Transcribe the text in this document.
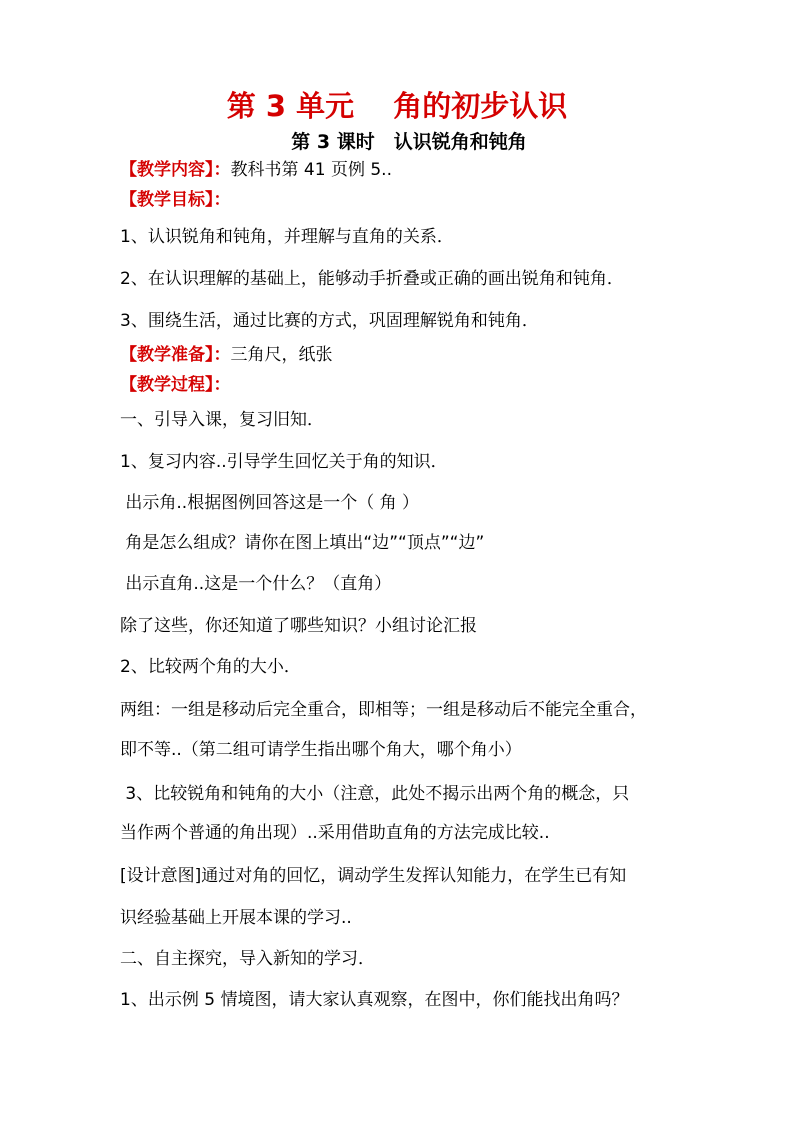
第 3 单元　 角的初步认识
第 3 课时　认识锐角和钝角

【教学内容】：教科书第 41 页例 5..

【教学目标】：

1、认识锐角和钝角，并理解与直角的关系．

2、在认识理解的基础上，能够动手折叠或正确的画出锐角和钝角．

3、围绕生活，通过比赛的方式，巩固理解锐角和钝角．

【教学准备】：三角尺，纸张

【教学过程】：

一、引导入课，复习旧知．

1、复习内容..引导学生回忆关于角的知识．

出示角..根据图例回答这是一个（ 角 ）

角是怎么组成？请你在图上填出“边”“顶点”“边”

出示直角..这是一个什么？（直角）

除了这些，你还知道了哪些知识？小组讨论汇报

2、比较两个角的大小．

两组：一组是移动后完全重合，即相等；一组是移动后不能完全重合，

即不等..（第二组可请学生指出哪个角大，哪个角小）

3、比较锐角和钝角的大小（注意，此处不揭示出两个角的概念，只

当作两个普通的角出现）..采用借助直角的方法完成比较..

[设计意图]通过对角的回忆，调动学生发挥认知能力，在学生已有知

识经验基础上开展本课的学习..

二、自主探究，导入新知的学习．

1、出示例 5 情境图，请大家认真观察，在图中，你们能找出角吗？
